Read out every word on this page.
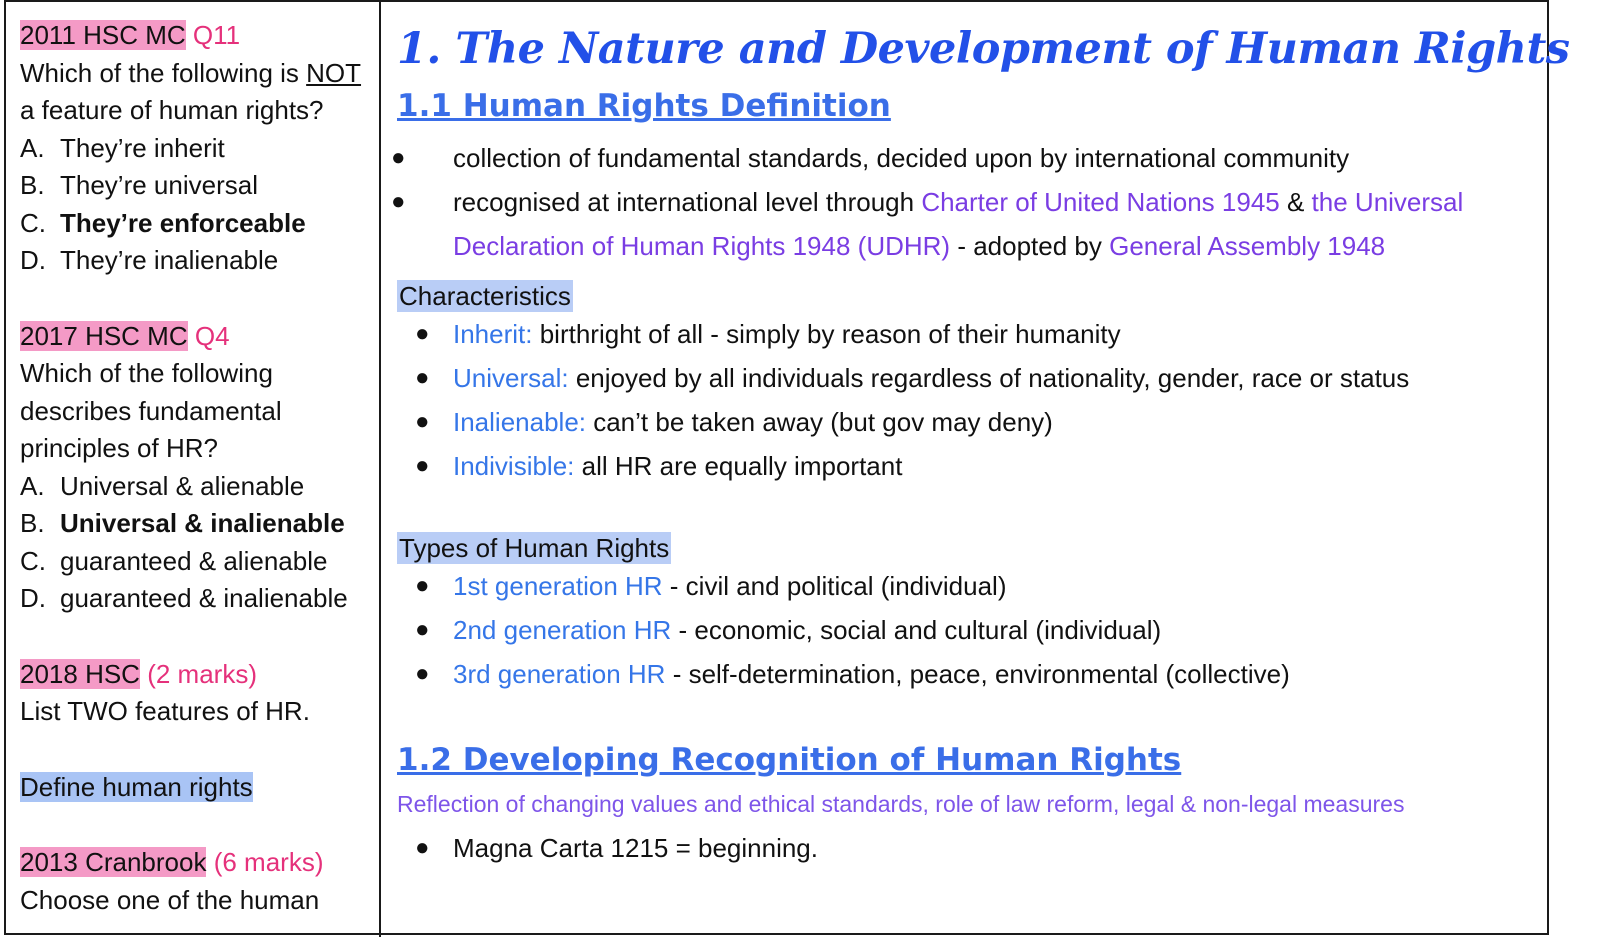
2011 HSC MC Q11
Which of the following is NOT
a feature of human rights?
A. They’re inherit
B. They’re universal
C. They’re enforceable
D. They’re inalienable
2017 HSC MC Q4
Which of the following
describes fundamental
principles of HR?
A. Universal & alienable
B. Universal & inalienable
C. guaranteed & alienable
D. guaranteed & inalienable
2018 HSC (2 marks)
List TWO features of HR.
Define human rights
2013 Cranbrook (6 marks)
Choose one of the human
1. The Nature and Development of Human Rights
1.1 Human Rights Definition
● collection of fundamental standards, decided upon by international community
● recognised at international level through Charter of United Nations 1945 & the Universal
Declaration of Human Rights 1948 (UDHR) - adopted by General Assembly 1948
Characteristics
● Inherit: birthright of all - simply by reason of their humanity
● Universal: enjoyed by all individuals regardless of nationality, gender, race or status
● Inalienable: can’t be taken away (but gov may deny)
● Indivisible: all HR are equally important
Types of Human Rights
● 1st generation HR - civil and political (individual)
● 2nd generation HR - economic, social and cultural (individual)
● 3rd generation HR - self-determination, peace, environmental (collective)
1.2 Developing Recognition of Human Rights
Reflection of changing values and ethical standards, role of law reform, legal & non-legal measures
● Magna Carta 1215 = beginning.
